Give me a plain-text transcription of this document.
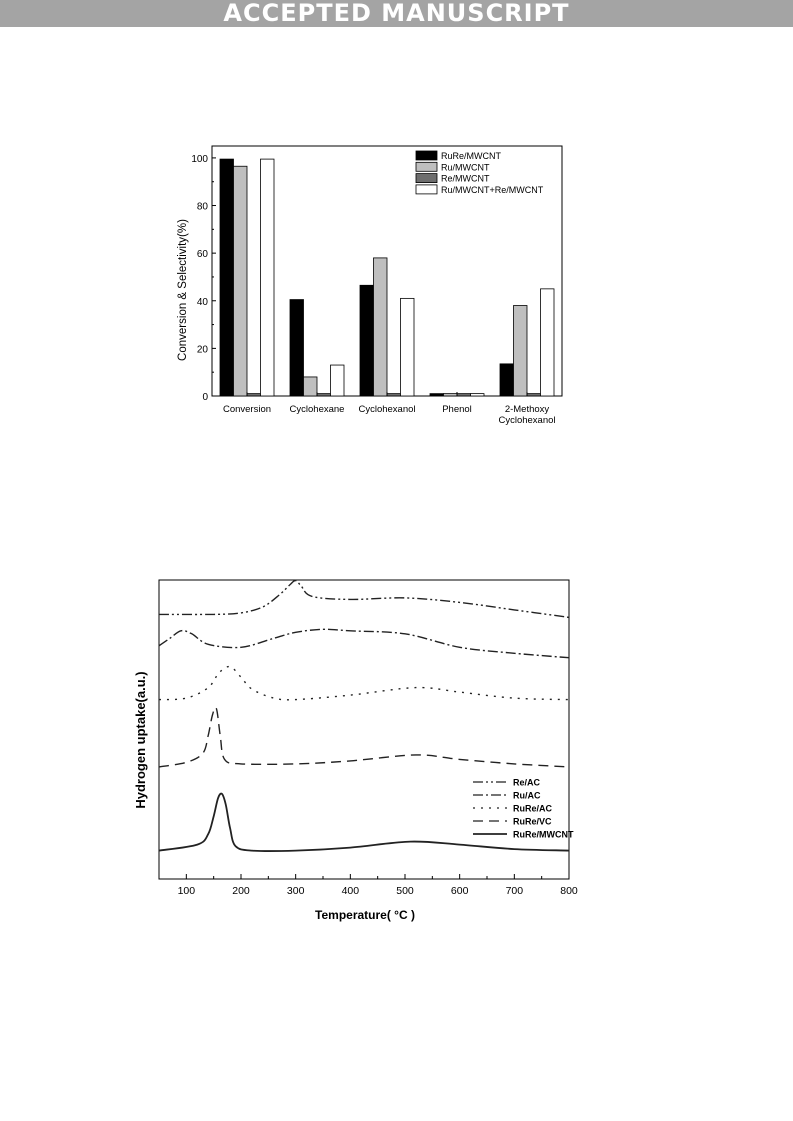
ACCEPTED MANUSCRIPT
0
20
40
60
80
100
Conversion Cyclohexane Cyclohexanol	Phenol	2-Methoxy
Cyclohexanol
RuRe/MWCNT
Ru/MWCNT
Re/MWCNT
Ru/MWCNT+Re/MWCNT
Conversion & Selectivity(%)
100	200	300	400	500	600	700	800
Re/AC
Ru/AC
RuRe/AC
RuRe/VC
RuRe/MWCNT
Hydrogen uptake(a.u.)
Temperature( °C )
